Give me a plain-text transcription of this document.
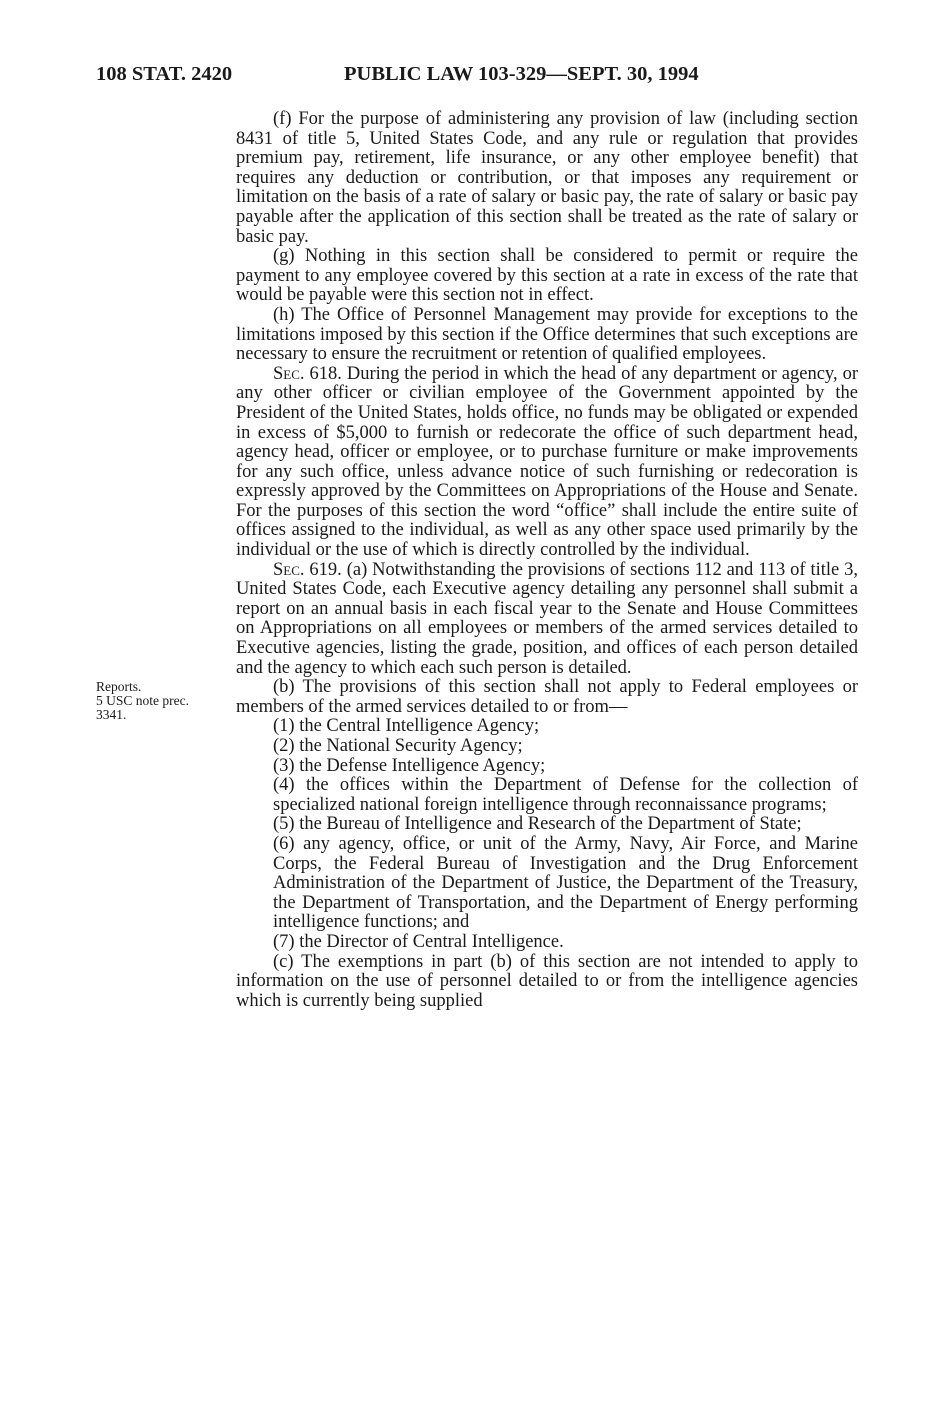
108 STAT. 2420	PUBLIC LAW 103-329—SEPT. 30, 1994
Reports.
5 USC note prec.
3341.

(f) For the purpose of administering any provision of law (including section 8431 of title 5, United States Code, and any rule or regulation that provides premium pay, retirement, life insurance, or any other employee benefit) that requires any deduction or contribution, or that imposes any requirement or limitation on the basis of a rate of salary or basic pay, the rate of salary or basic pay payable after the application of this section shall be treated as the rate of salary or basic pay.

(g) Nothing in this section shall be considered to permit or require the payment to any employee covered by this section at a rate in excess of the rate that would be payable were this section not in effect.

(h) The Office of Personnel Management may provide for exceptions to the limitations imposed by this section if the Office determines that such exceptions are necessary to ensure the recruitment or retention of qualified employees.

Sec. 618. During the period in which the head of any department or agency, or any other officer or civilian employee of the Government appointed by the President of the United States, holds office, no funds may be obligated or expended in excess of $5,000 to furnish or redecorate the office of such department head, agency head, officer or employee, or to purchase furniture or make improvements for any such office, unless advance notice of such furnishing or redecoration is expressly approved by the Committees on Appropriations of the House and Senate. For the purposes of this section the word “office” shall include the entire suite of offices assigned to the individual, as well as any other space used primarily by the individual or the use of which is directly controlled by the individual.

Sec. 619. (a) Notwithstanding the provisions of sections 112 and 113 of title 3, United States Code, each Executive agency detailing any personnel shall submit a report on an annual basis in each fiscal year to the Senate and House Committees on Appropriations on all employees or members of the armed services detailed to Executive agencies, listing the grade, position, and offices of each person detailed and the agency to which each such person is detailed.

(b) The provisions of this section shall not apply to Federal employees or members of the armed services detailed to or from—

(1) the Central Intelligence Agency;

(2) the National Security Agency;

(3) the Defense Intelligence Agency;

(4) the offices within the Department of Defense for the collection of specialized national foreign intelligence through reconnaissance programs;

(5) the Bureau of Intelligence and Research of the Department of State;

(6) any agency, office, or unit of the Army, Navy, Air Force, and Marine Corps, the Federal Bureau of Investigation and the Drug Enforcement Administration of the Department of Justice, the Department of the Treasury, the Department of Transportation, and the Department of Energy performing intelligence functions; and

(7) the Director of Central Intelligence.

(c) The exemptions in part (b) of this section are not intended to apply to information on the use of personnel detailed to or from the intelligence agencies which is currently being supplied
